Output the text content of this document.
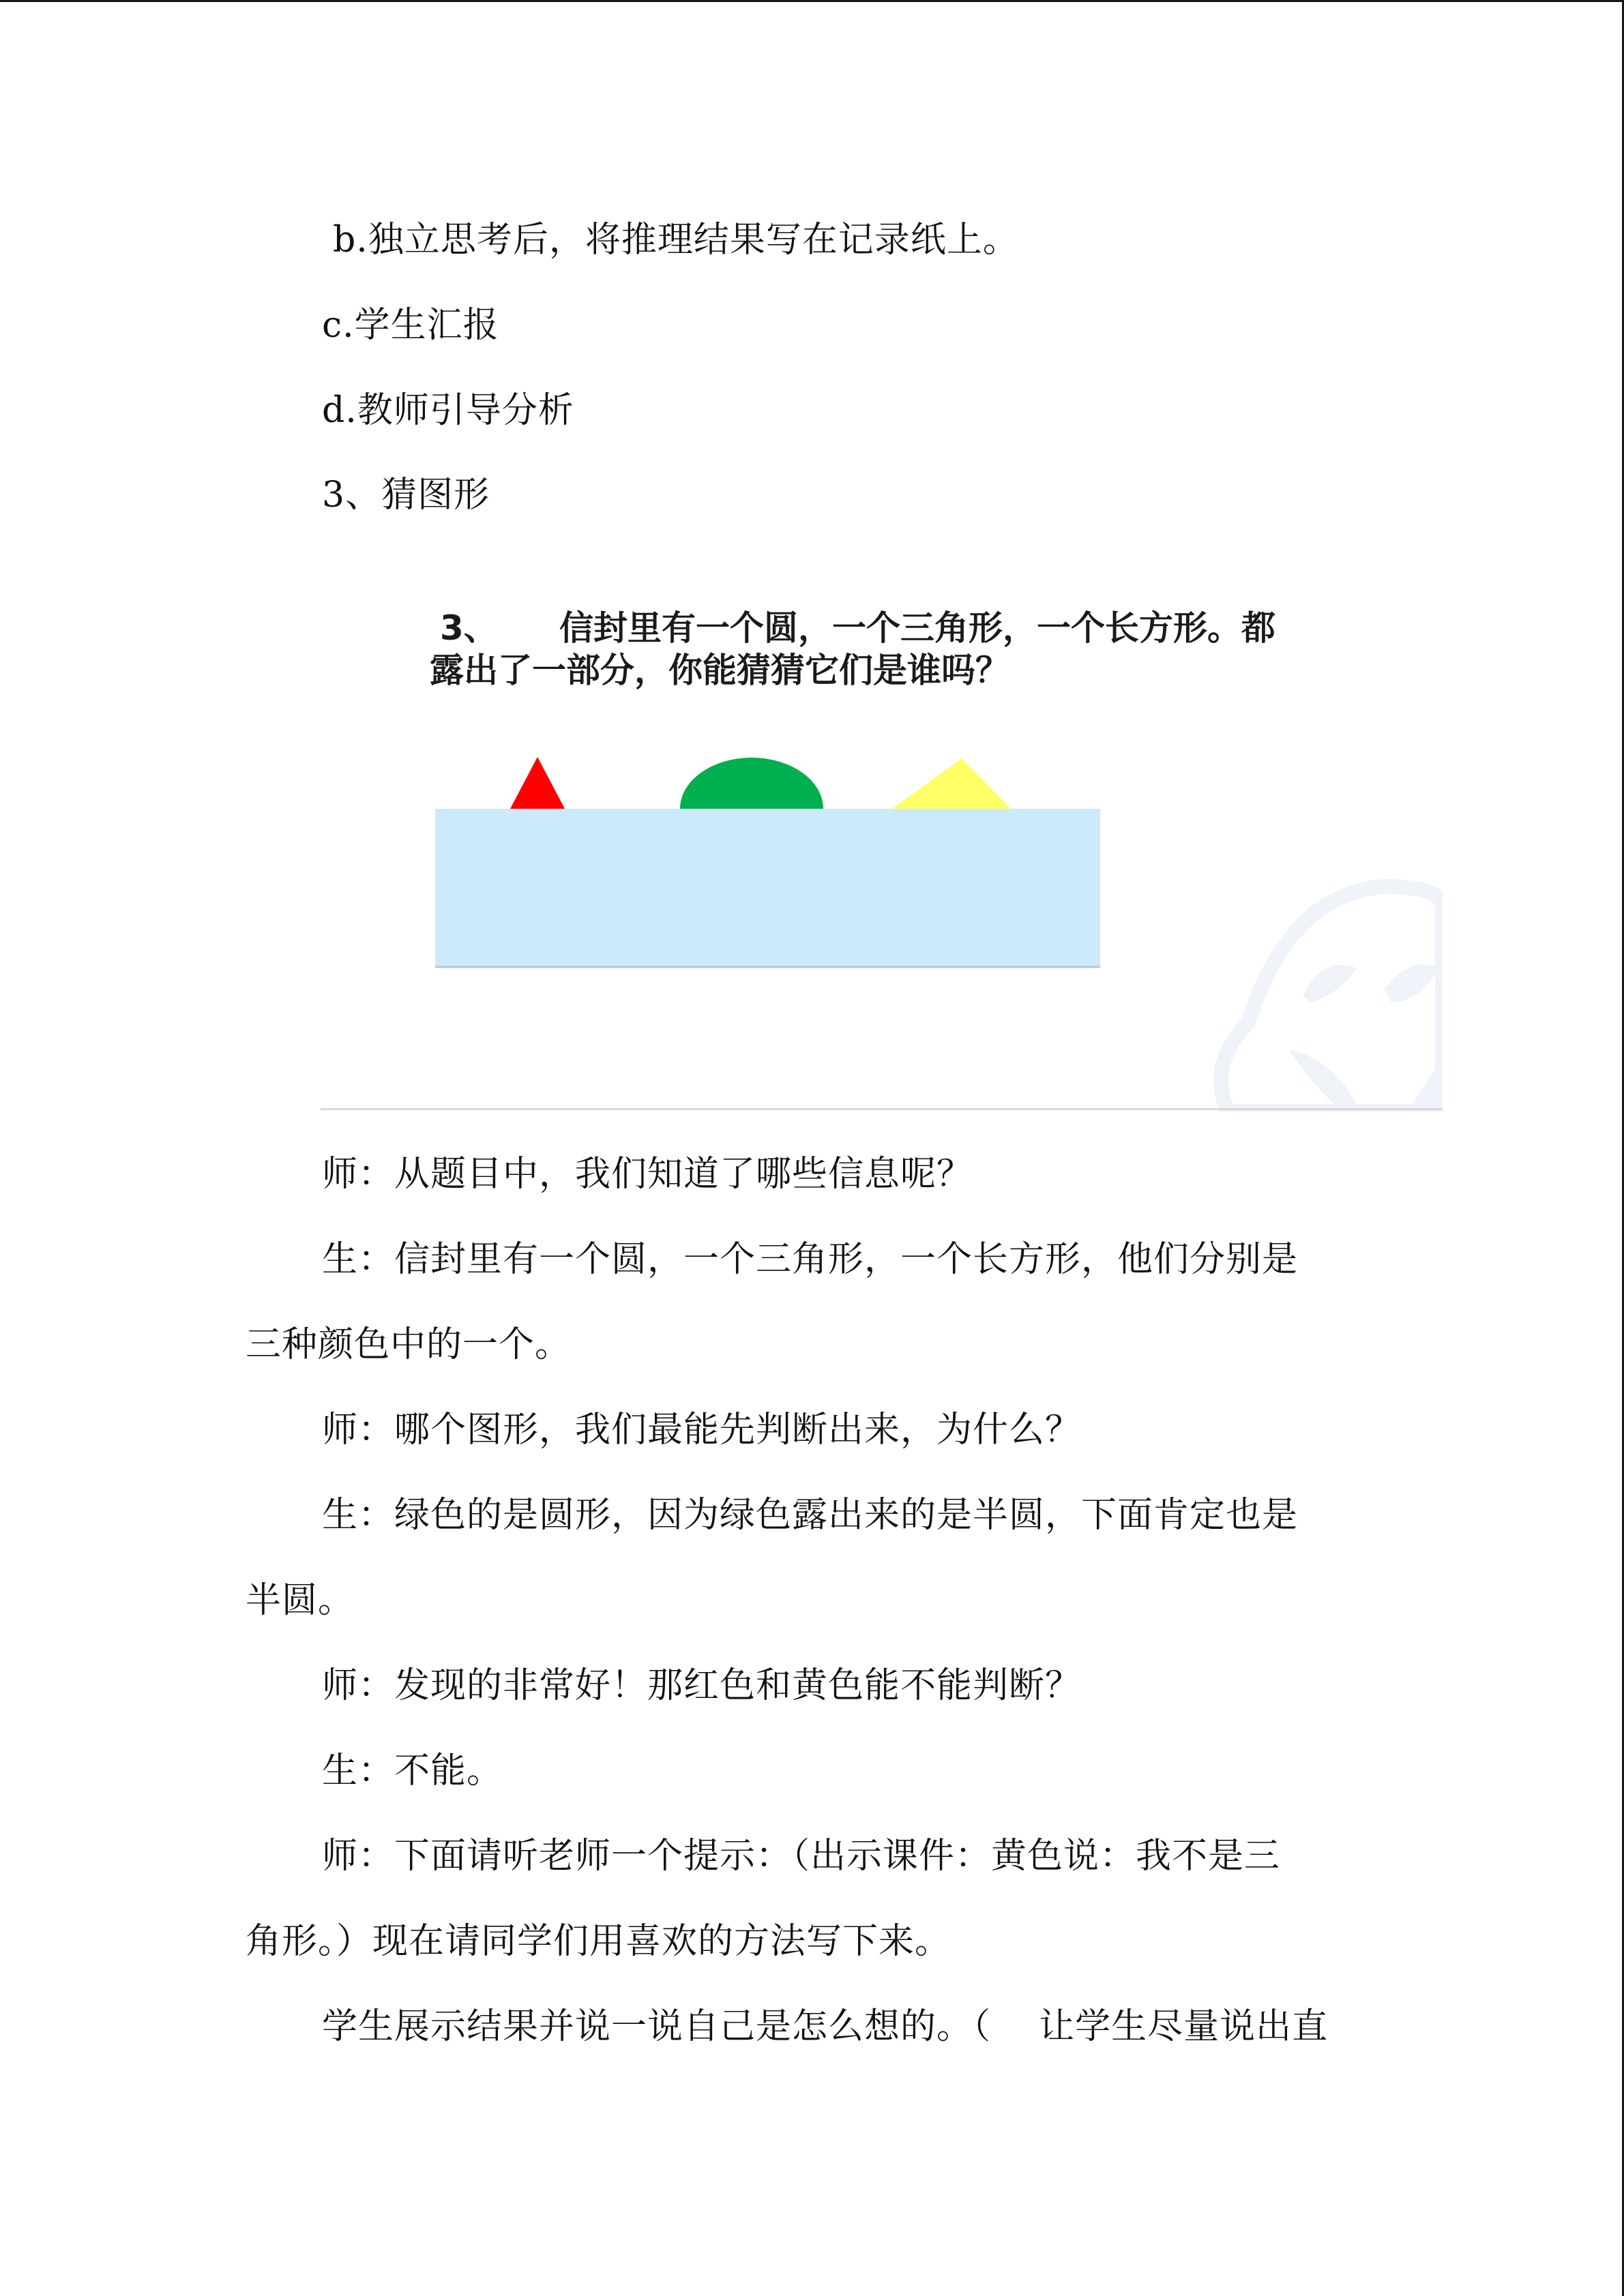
b.独立思考后，将推理结果写在记录纸上。
c.学生汇报
d.教师引导分析
3、猜图形
3、	信封里有一个圆，一个三角形，一个长方形。都露出了一部分，你能猜猜它们是谁吗？
师：从题目中，我们知道了哪些信息呢？
生：信封里有一个圆，一个三角形，一个长方形，他们分别是
三种颜色中的一个。
师：哪个图形，我们最能先判断出来，为什么？
生：绿色的是圆形，因为绿色露出来的是半圆，下面肯定也是
半圆。
师：发现的非常好！那红色和黄色能不能判断？
生：不能。
师：下面请听老师一个提示：（出示课件：黄色说：我不是三
角形。）现在请同学们用喜欢的方法写下来。
学生展示结果并说一说自己是怎么想的。（    让学生尽量说出直
